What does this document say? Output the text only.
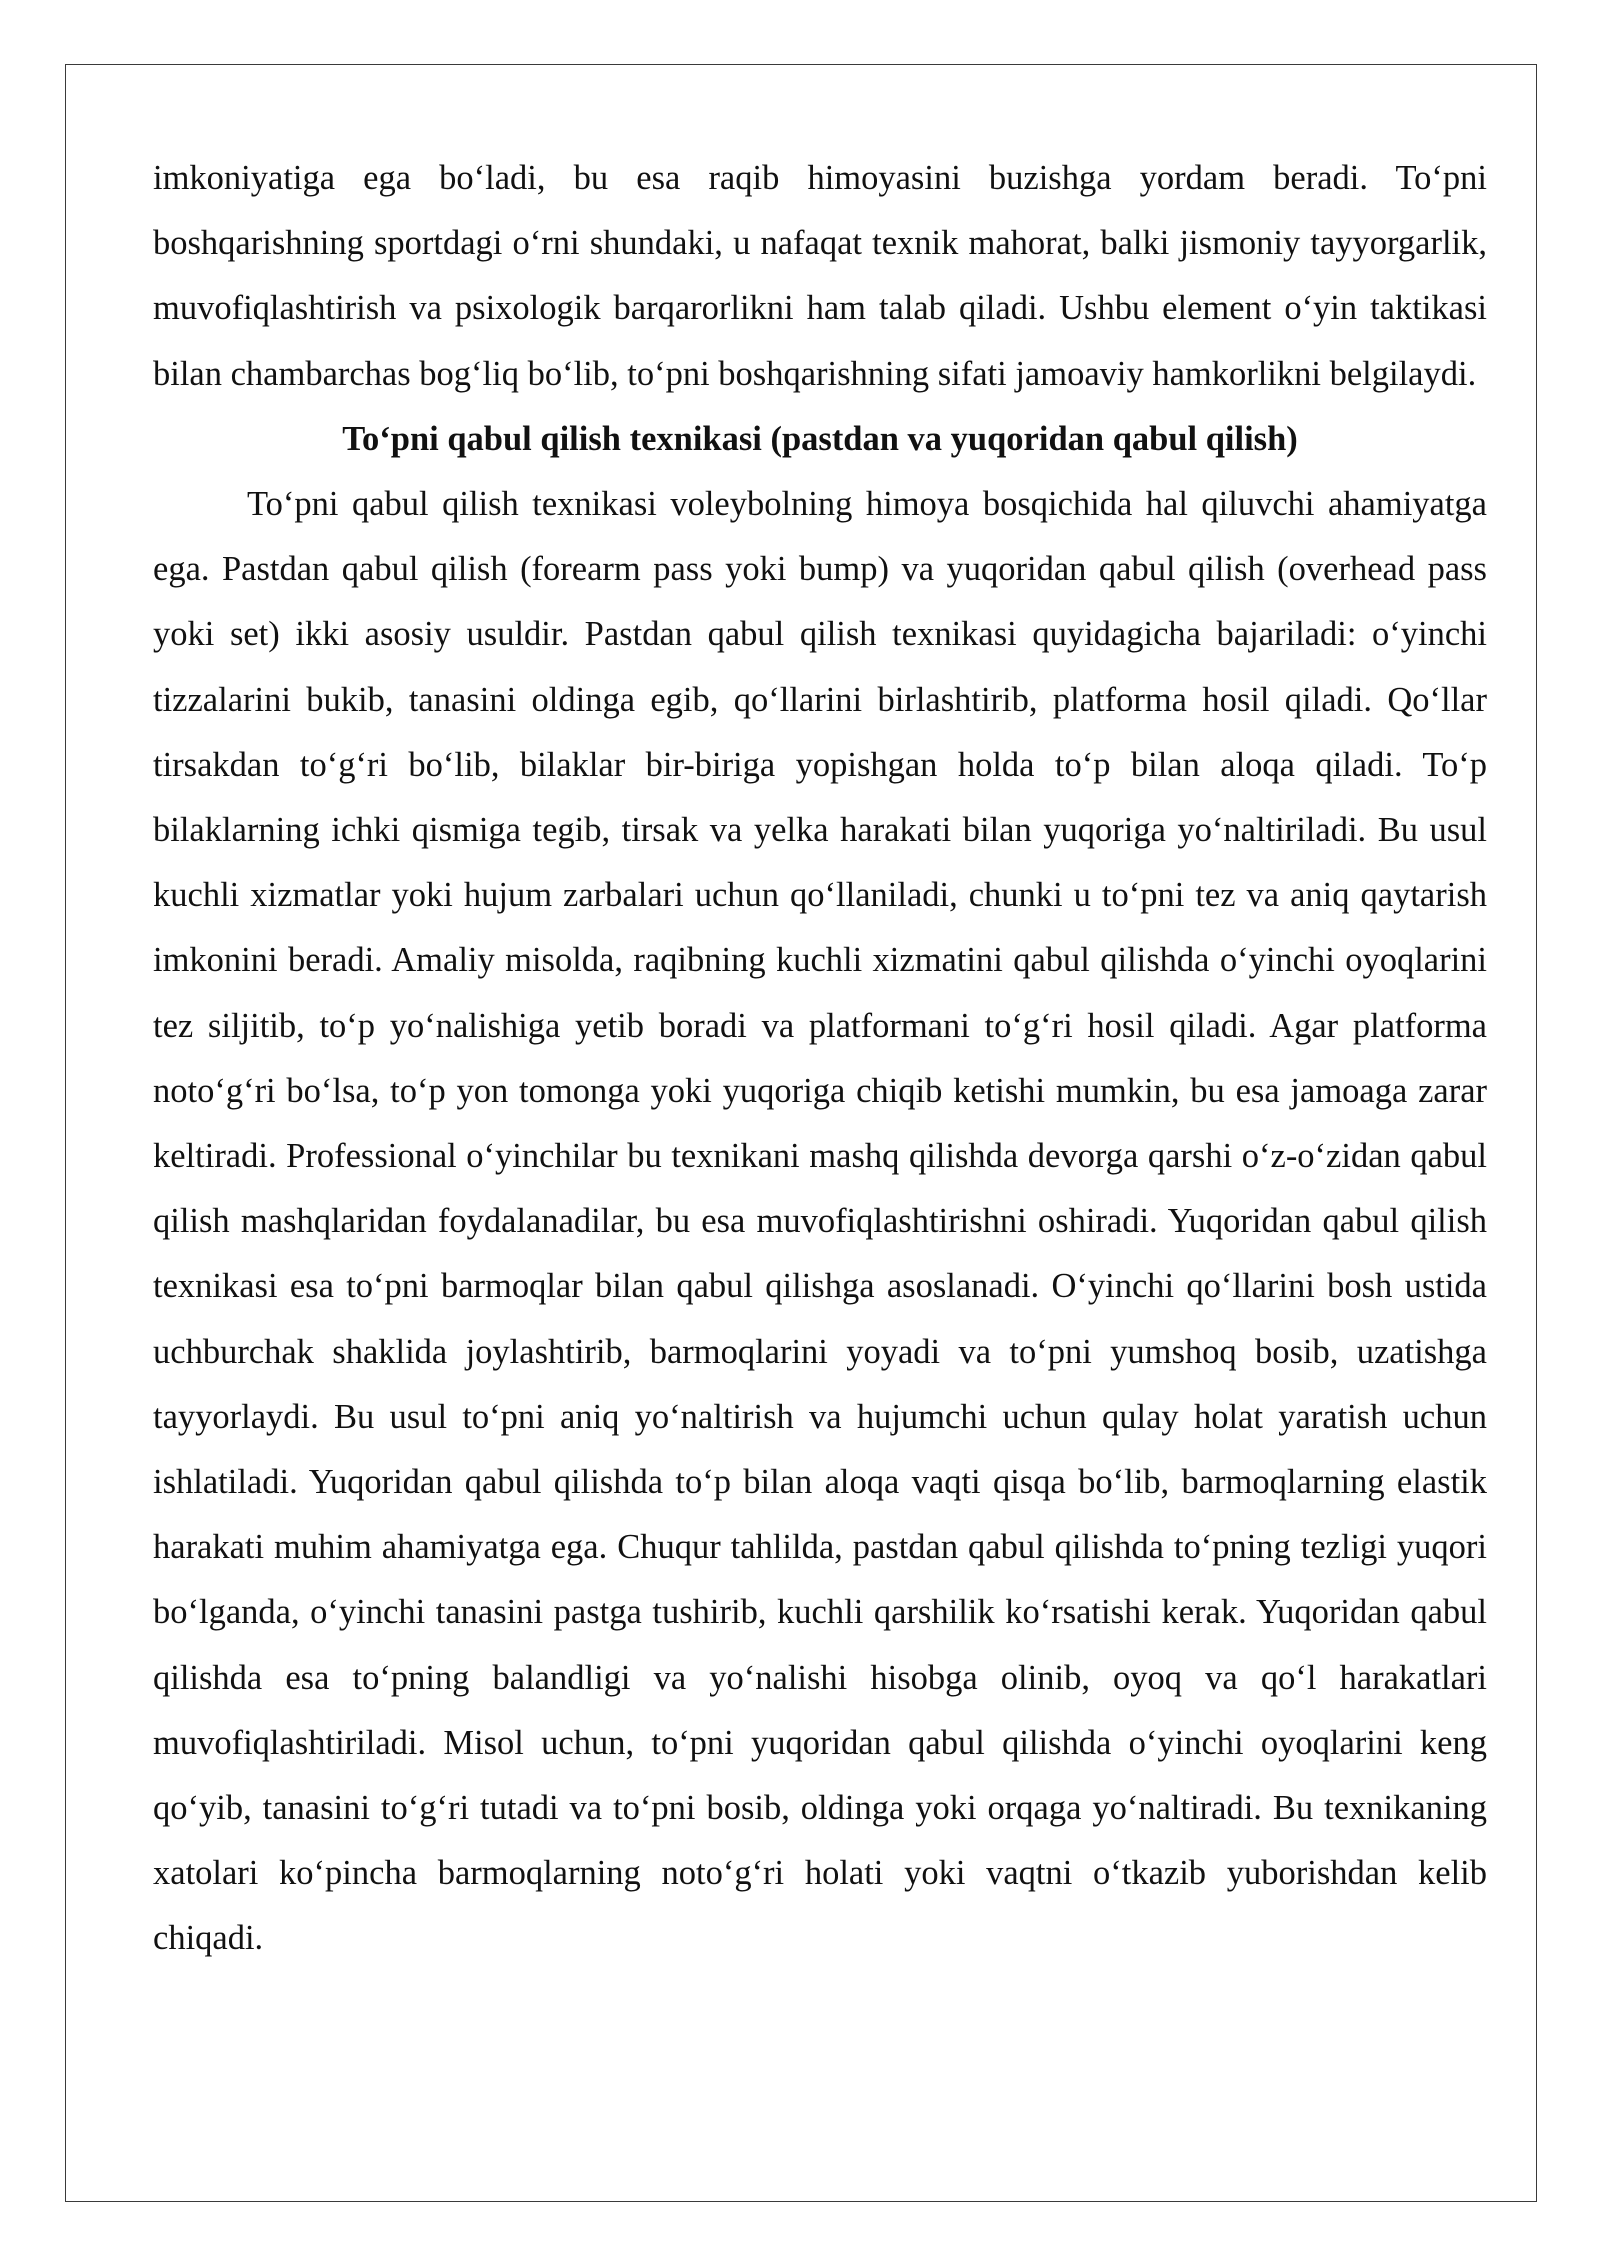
imkoniyatiga ega bo‘ladi, bu esa raqib himoyasini buzishga yordam beradi. To‘pni boshqarishning sportdagi o‘rni shundaki, u nafaqat texnik mahorat, balki jismoniy tayyorgarlik, muvofiqlashtirish va psixologik barqarorlikni ham talab qiladi. Ushbu element o‘yin taktikasi bilan chambarchas bog‘liq bo‘lib, to‘pni boshqarishning sifati jamoaviy hamkorlikni belgilaydi.

To‘pni qabul qilish texnikasi (pastdan va yuqoridan qabul qilish)

To‘pni qabul qilish texnikasi voleybolning himoya bosqichida hal qiluvchi ahamiyatga ega. Pastdan qabul qilish (forearm pass yoki bump) va yuqoridan qabul qilish (overhead pass yoki set) ikki asosiy usuldir. Pastdan qabul qilish texnikasi quyidagicha bajariladi: o‘yinchi tizzalarini bukib, tanasini oldinga egib, qo‘llarini birlashtirib, platforma hosil qiladi. Qo‘llar tirsakdan to‘g‘ri bo‘lib, bilaklar bir-biriga yopishgan holda to‘p bilan aloqa qiladi. To‘p bilaklarning ichki qismiga tegib, tirsak va yelka harakati bilan yuqoriga yo‘naltiriladi. Bu usul kuchli xizmatlar yoki hujum zarbalari uchun qo‘llaniladi, chunki u to‘pni tez va aniq qaytarish imkonini beradi. Amaliy misolda, raqibning kuchli xizmatini qabul qilishda o‘yinchi oyoqlarini tez siljitib, to‘p yo‘nalishiga yetib boradi va platformani to‘g‘ri hosil qiladi. Agar platforma noto‘g‘ri bo‘lsa, to‘p yon tomonga yoki yuqoriga chiqib ketishi mumkin, bu esa jamoaga zarar keltiradi. Professional o‘yinchilar bu texnikani mashq qilishda devorga qarshi o‘z-o‘zidan qabul qilish mashqlaridan foydalanadilar, bu esa muvofiqlashtirishni oshiradi. Yuqoridan qabul qilish texnikasi esa to‘pni barmoqlar bilan qabul qilishga asoslanadi. O‘yinchi qo‘llarini bosh ustida uchburchak shaklida joylashtirib, barmoqlarini yoyadi va to‘pni yumshoq bosib, uzatishga tayyorlaydi. Bu usul to‘pni aniq yo‘naltirish va hujumchi uchun qulay holat yaratish uchun ishlatiladi. Yuqoridan qabul qilishda to‘p bilan aloqa vaqti qisqa bo‘lib, barmoqlarning elastik harakati muhim ahamiyatga ega. Chuqur tahlilda, pastdan qabul qilishda to‘pning tezligi yuqori bo‘lganda, o‘yinchi tanasini pastga tushirib, kuchli qarshilik ko‘rsatishi kerak. Yuqoridan qabul qilishda esa to‘pning balandligi va yo‘nalishi hisobga olinib, oyoq va qo‘l harakatlari muvofiqlashtiriladi. Misol uchun, to‘pni yuqoridan qabul qilishda o‘yinchi oyoqlarini keng qo‘yib, tanasini to‘g‘ri tutadi va to‘pni bosib, oldinga yoki orqaga yo‘naltiradi. Bu texnikaning xatolari ko‘pincha barmoqlarning noto‘g‘ri holati yoki vaqtni o‘tkazib yuborishdan kelib chiqadi.
